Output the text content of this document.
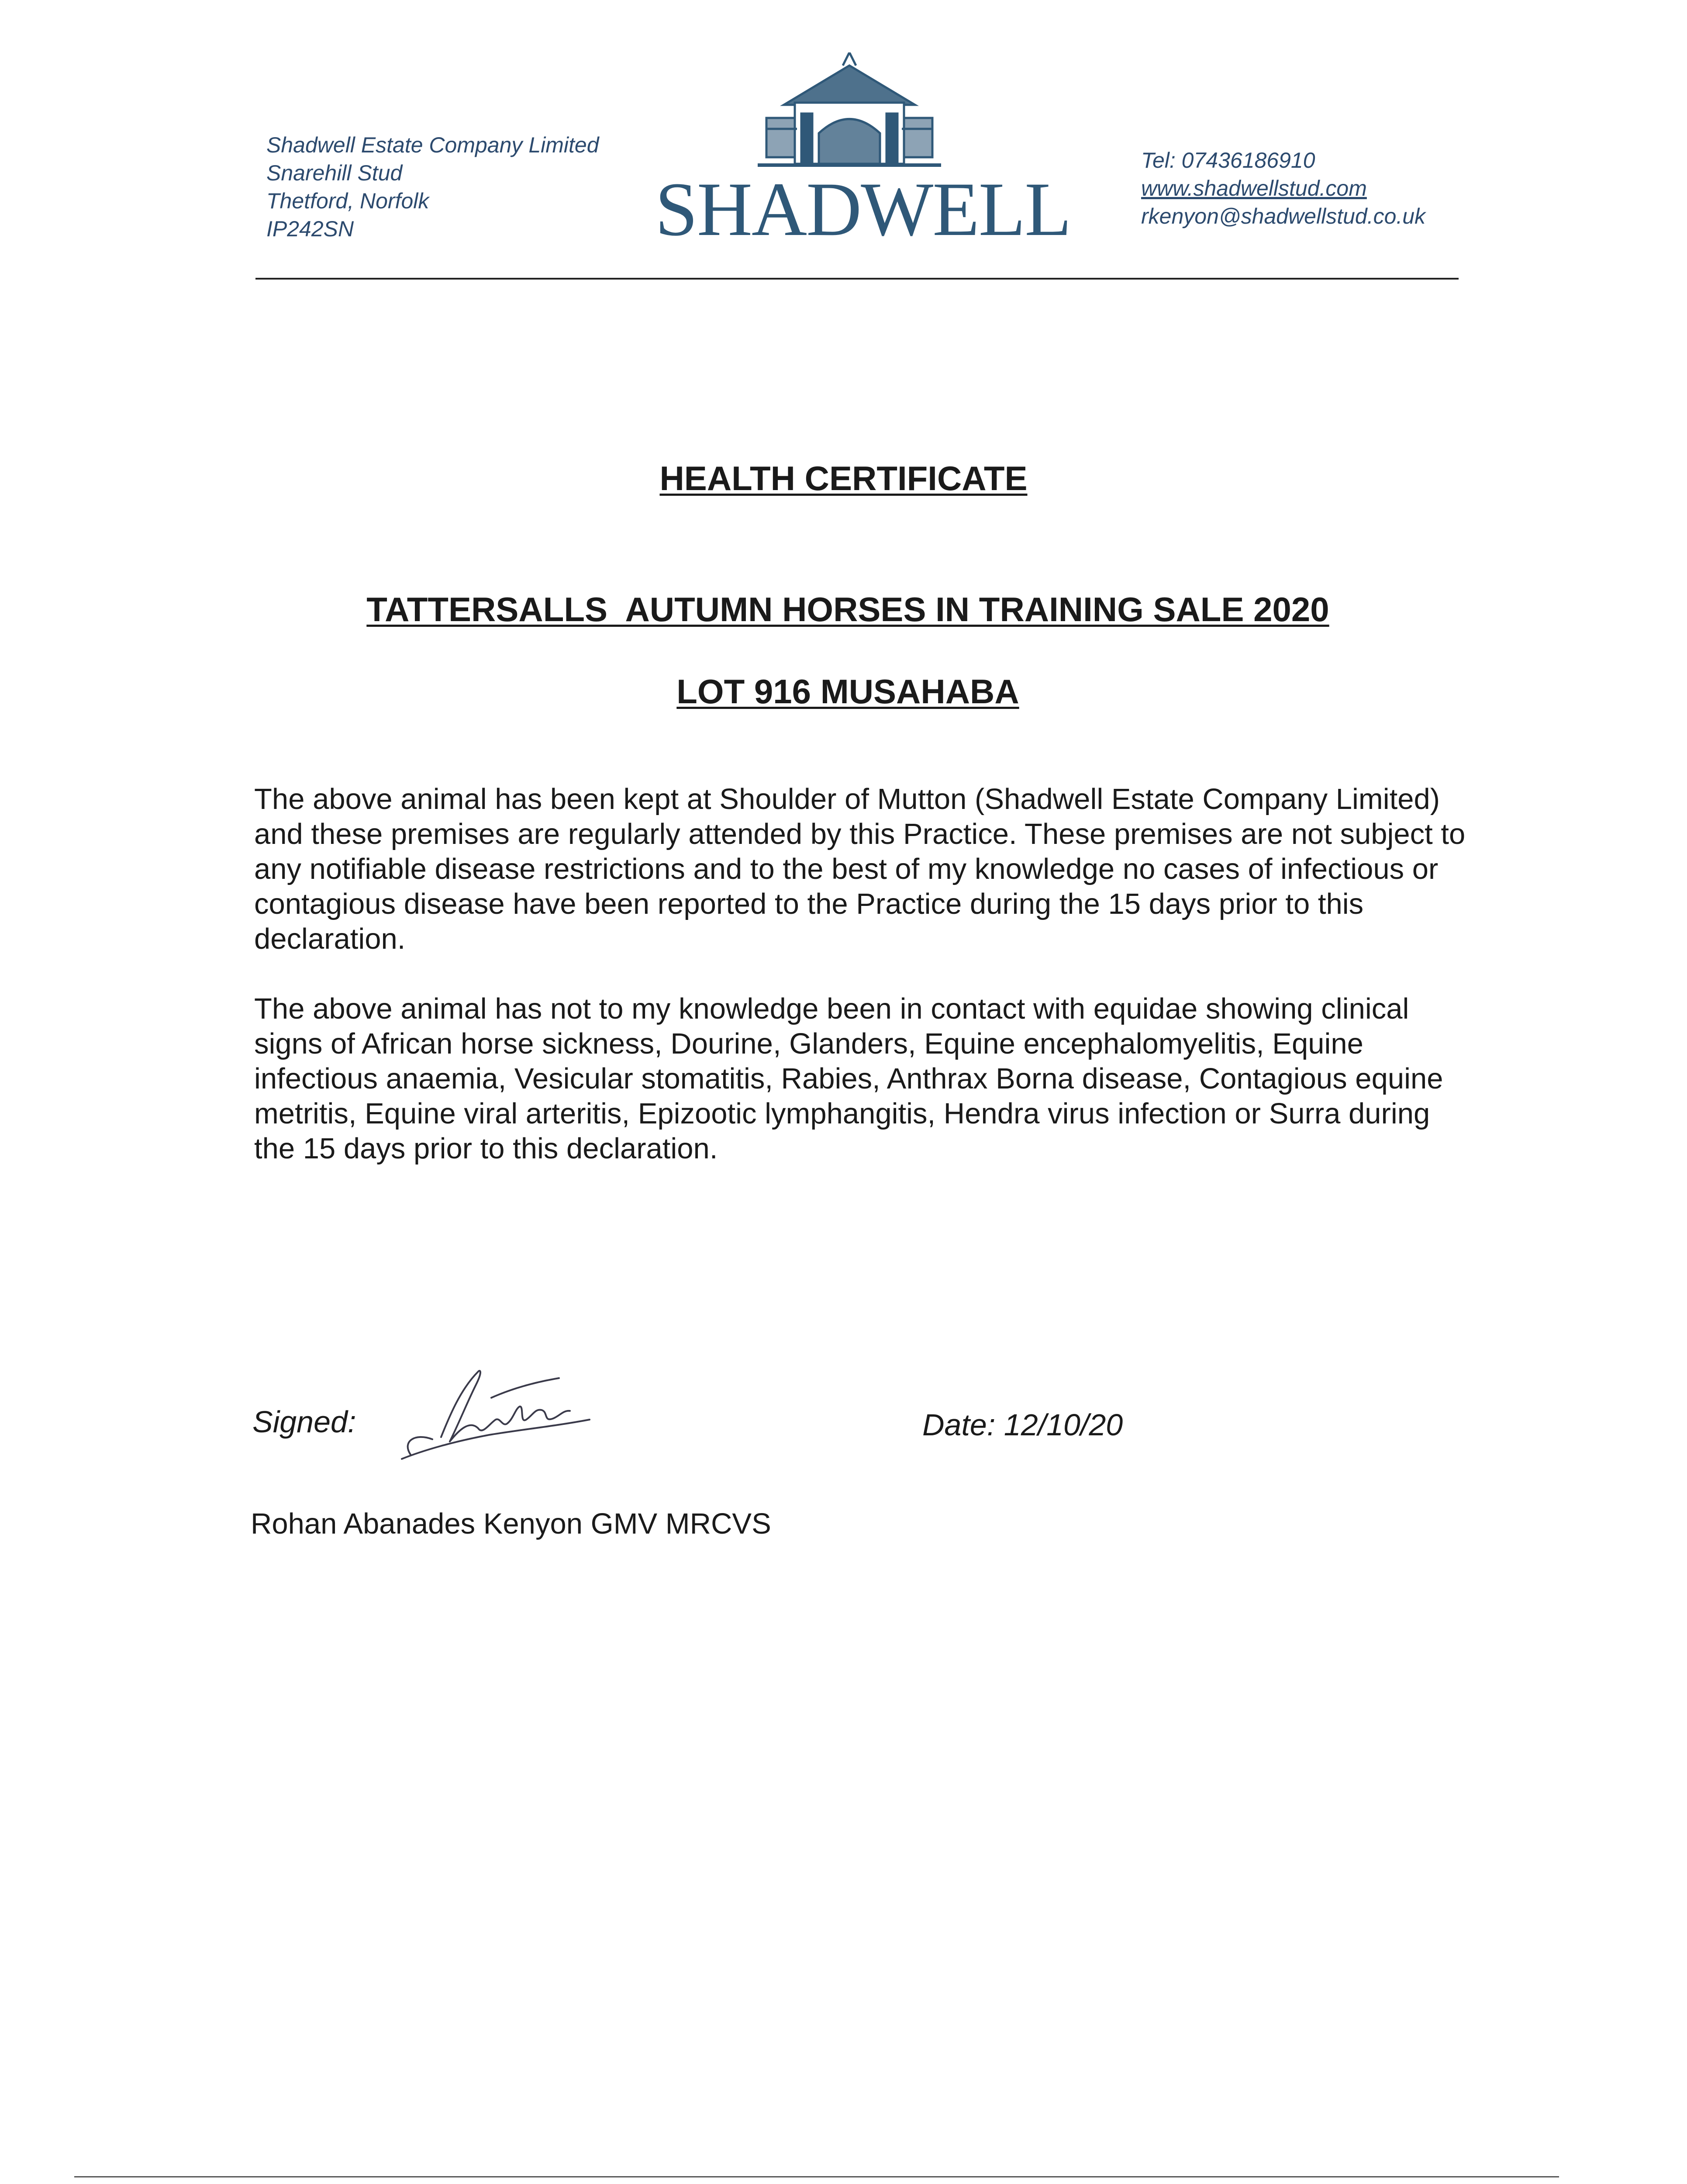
Shadwell Estate Company Limited
Snarehill Stud
Thetford, Norfolk
IP242SN	SHADWELL
Tel: 07436186910
www.shadwellstud.com
rkenyon@shadwellstud.co.uk
HEALTH CERTIFICATE
TATTERSALLS  AUTUMN HORSES IN TRAINING SALE 2020
LOT 916 MUSAHABA
The above animal has been kept at Shoulder of Mutton (Shadwell Estate Company Limited) and these premises are regularly attended by this Practice. These premises are not subject to any notifiable disease restrictions and to the best of my knowledge no cases of infectious or contagious disease have been reported to the Practice during the 15 days prior to this declaration.
The above animal has not to my knowledge been in contact with equidae showing clinical signs of African horse sickness, Dourine, Glanders, Equine encephalomyelitis, Equine infectious anaemia, Vesicular stomatitis, Rabies, Anthrax Borna disease, Contagious equine metritis, Equine viral arteritis, Epizootic lymphangitis, Hendra virus infection or Surra during the 15 days prior to this declaration.
Signed:	Date: 12/10/20
Rohan Abanades Kenyon GMV MRCVS
